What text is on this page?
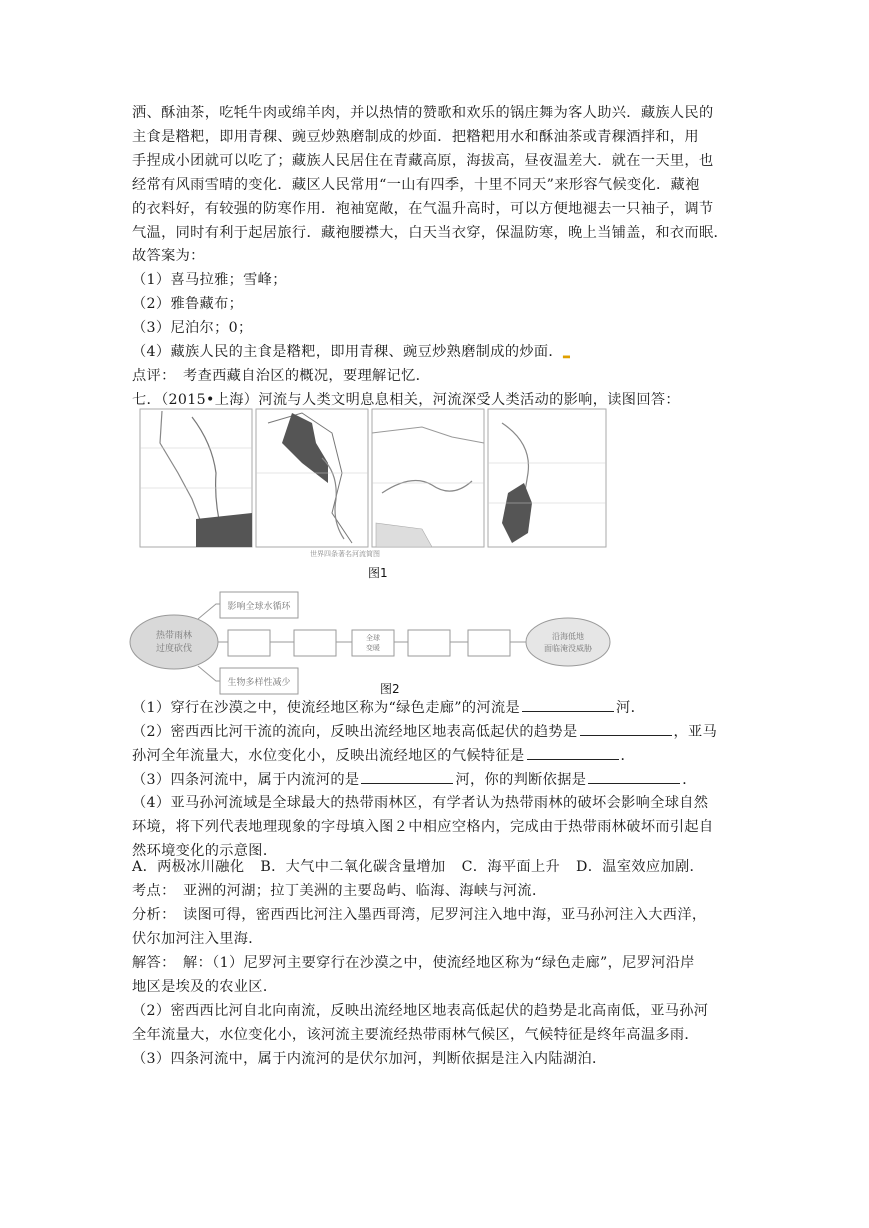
洒、酥油茶，吃牦牛肉或绵羊肉，并以热情的赞歌和欢乐的锅庄舞为客人助兴．藏族人民的
主食是糌粑，即用青稞、豌豆炒熟磨制成的炒面．把糌粑用水和酥油茶或青稞酒拌和，用
手捏成小团就可以吃了；藏族人民居住在青藏高原，海拔高，昼夜温差大．就在一天里，也
经常有风雨雪晴的变化．藏区人民常用“一山有四季，十里不同天”来形容气候变化．藏袍
的衣料好，有较强的防寒作用．袍袖宽敞，在气温升高时，可以方便地褪去一只袖子，调节
气温，同时有利于起居旅行．藏袍腰襟大，白天当衣穿，保温防寒，晚上当铺盖，和衣而眠．
故答案为：
（1）喜马拉雅；雪峰；
（2）雅鲁藏布；
（3）尼泊尔；0；
（4）藏族人民的主食是糌粑，即用青稞、豌豆炒熟磨制成的炒面．▂
点评：　考查西藏自治区的概况，要理解记忆．
七．（2015•上海）河流与人类文明息息相关，河流深受人类活动的影响，读图回答：
世界四条著名河流简图
图1
热带雨林
过度砍伐
影响全球水循环
生物多样性减少
全球
变暖
沿海低地
面临淹没威胁
图2
（1）穿行在沙漠之中，使流经地区称为“绿色走廊”的河流是	河．
（2）密西西比河干流的流向，反映出流经地区地表高低起伏的趋势是	，亚马
孙河全年流量大，水位变化小，反映出流经地区的气候特征是	．
（3）四条河流中，属于内流河的是	河，你的判断依据是	．
（4）亚马孙河流域是全球最大的热带雨林区，有学者认为热带雨林的破坏会影响全球自然
环境，将下列代表地理现象的字母填入图２中相应空格内，完成由于热带雨林破坏而引起自
然环境变化的示意图．
A．两极冰川融化 B．大气中二氧化碳含量增加 C．海平面上升 D．温室效应加剧．
考点：　亚洲的河湖；拉丁美洲的主要岛屿、临海、海峡与河流．
分析：　读图可得，密西西比河注入墨西哥湾，尼罗河注入地中海，亚马孙河注入大西洋，
伏尔加河注入里海．
解答：　解：（1）尼罗河主要穿行在沙漠之中，使流经地区称为“绿色走廊”，尼罗河沿岸
地区是埃及的农业区．
（2）密西西比河自北向南流，反映出流经地区地表高低起伏的趋势是北高南低，亚马孙河
全年流量大，水位变化小，该河流主要流经热带雨林气候区，气候特征是终年高温多雨．
（3）四条河流中，属于内流河的是伏尔加河，判断依据是注入内陆湖泊．
